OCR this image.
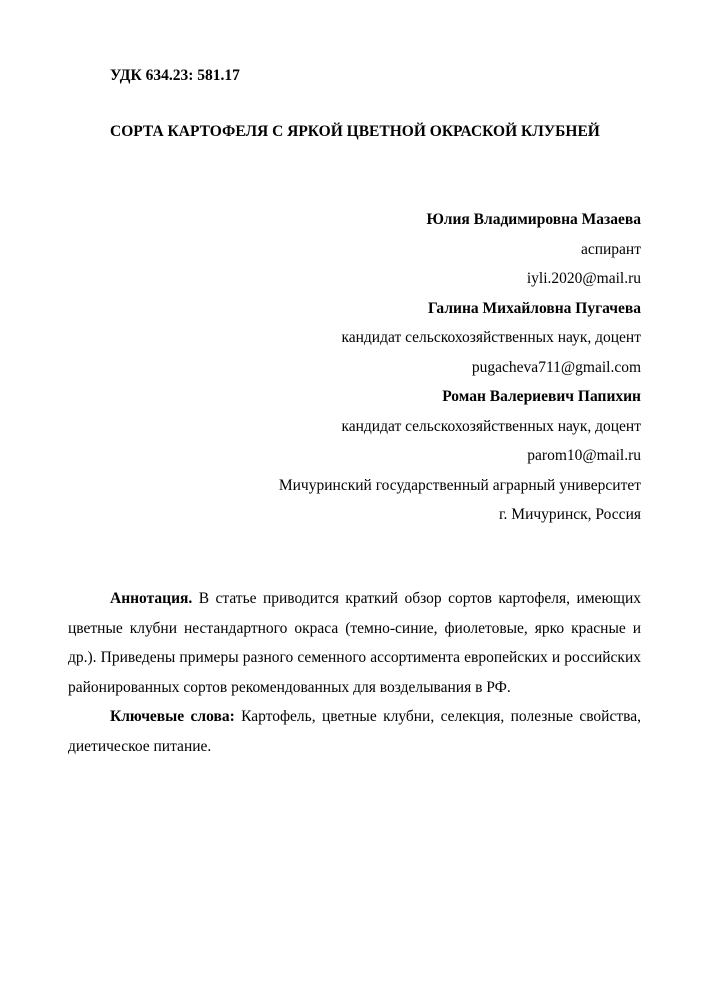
УДК 634.23: 581.17
СОРТА КАРТОФЕЛЯ С ЯРКОЙ ЦВЕТНОЙ ОКРАСКОЙ КЛУБНЕЙ
Юлия Владимировна Мазаева
аспирант
iyli.2020@mail.ru
Галина Михайловна Пугачева
кандидат сельскохозяйственных наук, доцент
pugacheva711@gmail.com
Роман Валериевич Папихин
кандидат сельскохозяйственных наук, доцент
parom10@mail.ru
Мичуринский государственный аграрный университет
г. Мичуринск, Россия

Аннотация. В статье приводится краткий обзор сортов картофеля, имеющих цветные клубни нестандартного окраса (темно-синие, фиолетовые, ярко красные и др.). Приведены примеры разного семенного ассортимента европейских и российских районированных сортов рекомендованных для возделывания в РФ.

Ключевые слова: Картофель, цветные клубни, селекция, полезные свойства, диетическое питание.
